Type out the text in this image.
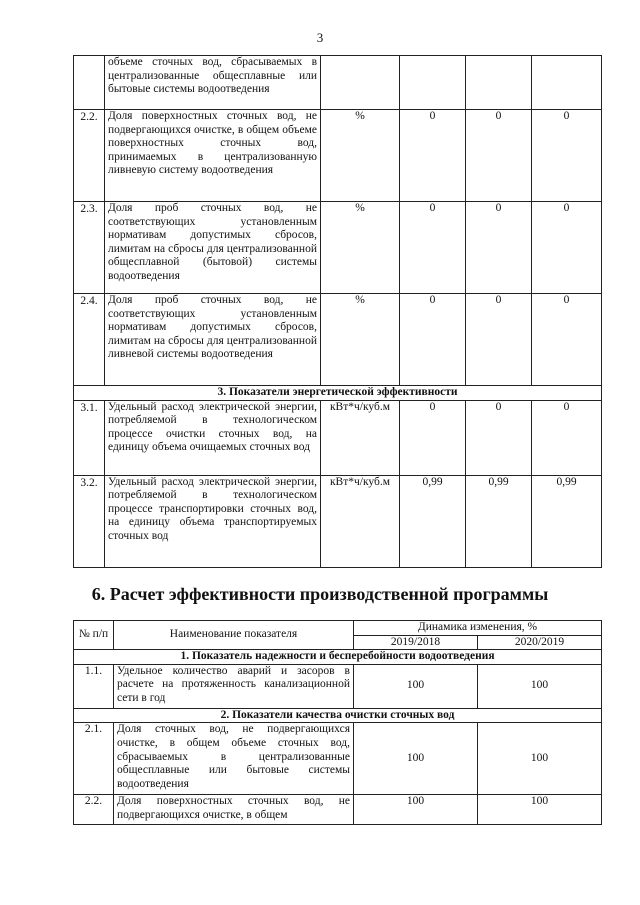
3
	объеме сточных вод, сбрасываемых в централизованные общесплавные или бытовые системы водоотведения				
2.2.	Доля поверхностных сточных вод, не подвергающихся очистке, в общем объеме поверхностных сточных вод, принимаемых в централизованную ливневую систему водоотведения	%	0	0	0
2.3.	Доля проб сточных вод, не соответствующих установленным нормативам допустимых сбросов, лимитам на сбросы для централизованной общесплавной (бытовой) системы водоотведения	%	0	0	0
2.4.	Доля проб сточных вод, не соответствующих установленным нормативам допустимых сбросов, лимитам на сбросы для централизованной ливневой системы водоотведения	%	0	0	0
3. Показатели энергетической эффективности					
3.1.	Удельный расход электрической энергии, потребляемой в технологическом процессе очистки сточных вод, на единицу объема очищаемых сточных вод	кВт*ч/куб.м	0	0	0
3.2.	Удельный расход электрической энергии, потребляемой в технологическом процессе транспортировки сточных вод, на единицу объема транспортируемых сточных вод	кВт*ч/куб.м	0,99	0,99	0,99
6. Расчет эффективности производственной программы
№ п/п	Наименование показателя	Динамика изменения, %	
		2019/2018	2020/2019
1. Показатель надежности и бесперебойности водоотведения			
1.1.	Удельное количество аварий и засоров в расчете на протяженность канализационной сети в год	100	100
2. Показатели качества очистки сточных вод			
2.1.	Доля сточных вод, не подвергающихся очистке, в общем объеме сточных вод, сбрасываемых в централизованные общесплавные или бытовые системы водоотведения	100	100
2.2.	Доля поверхностных сточных вод, не подвергающихся очистке, в общем	100	100
